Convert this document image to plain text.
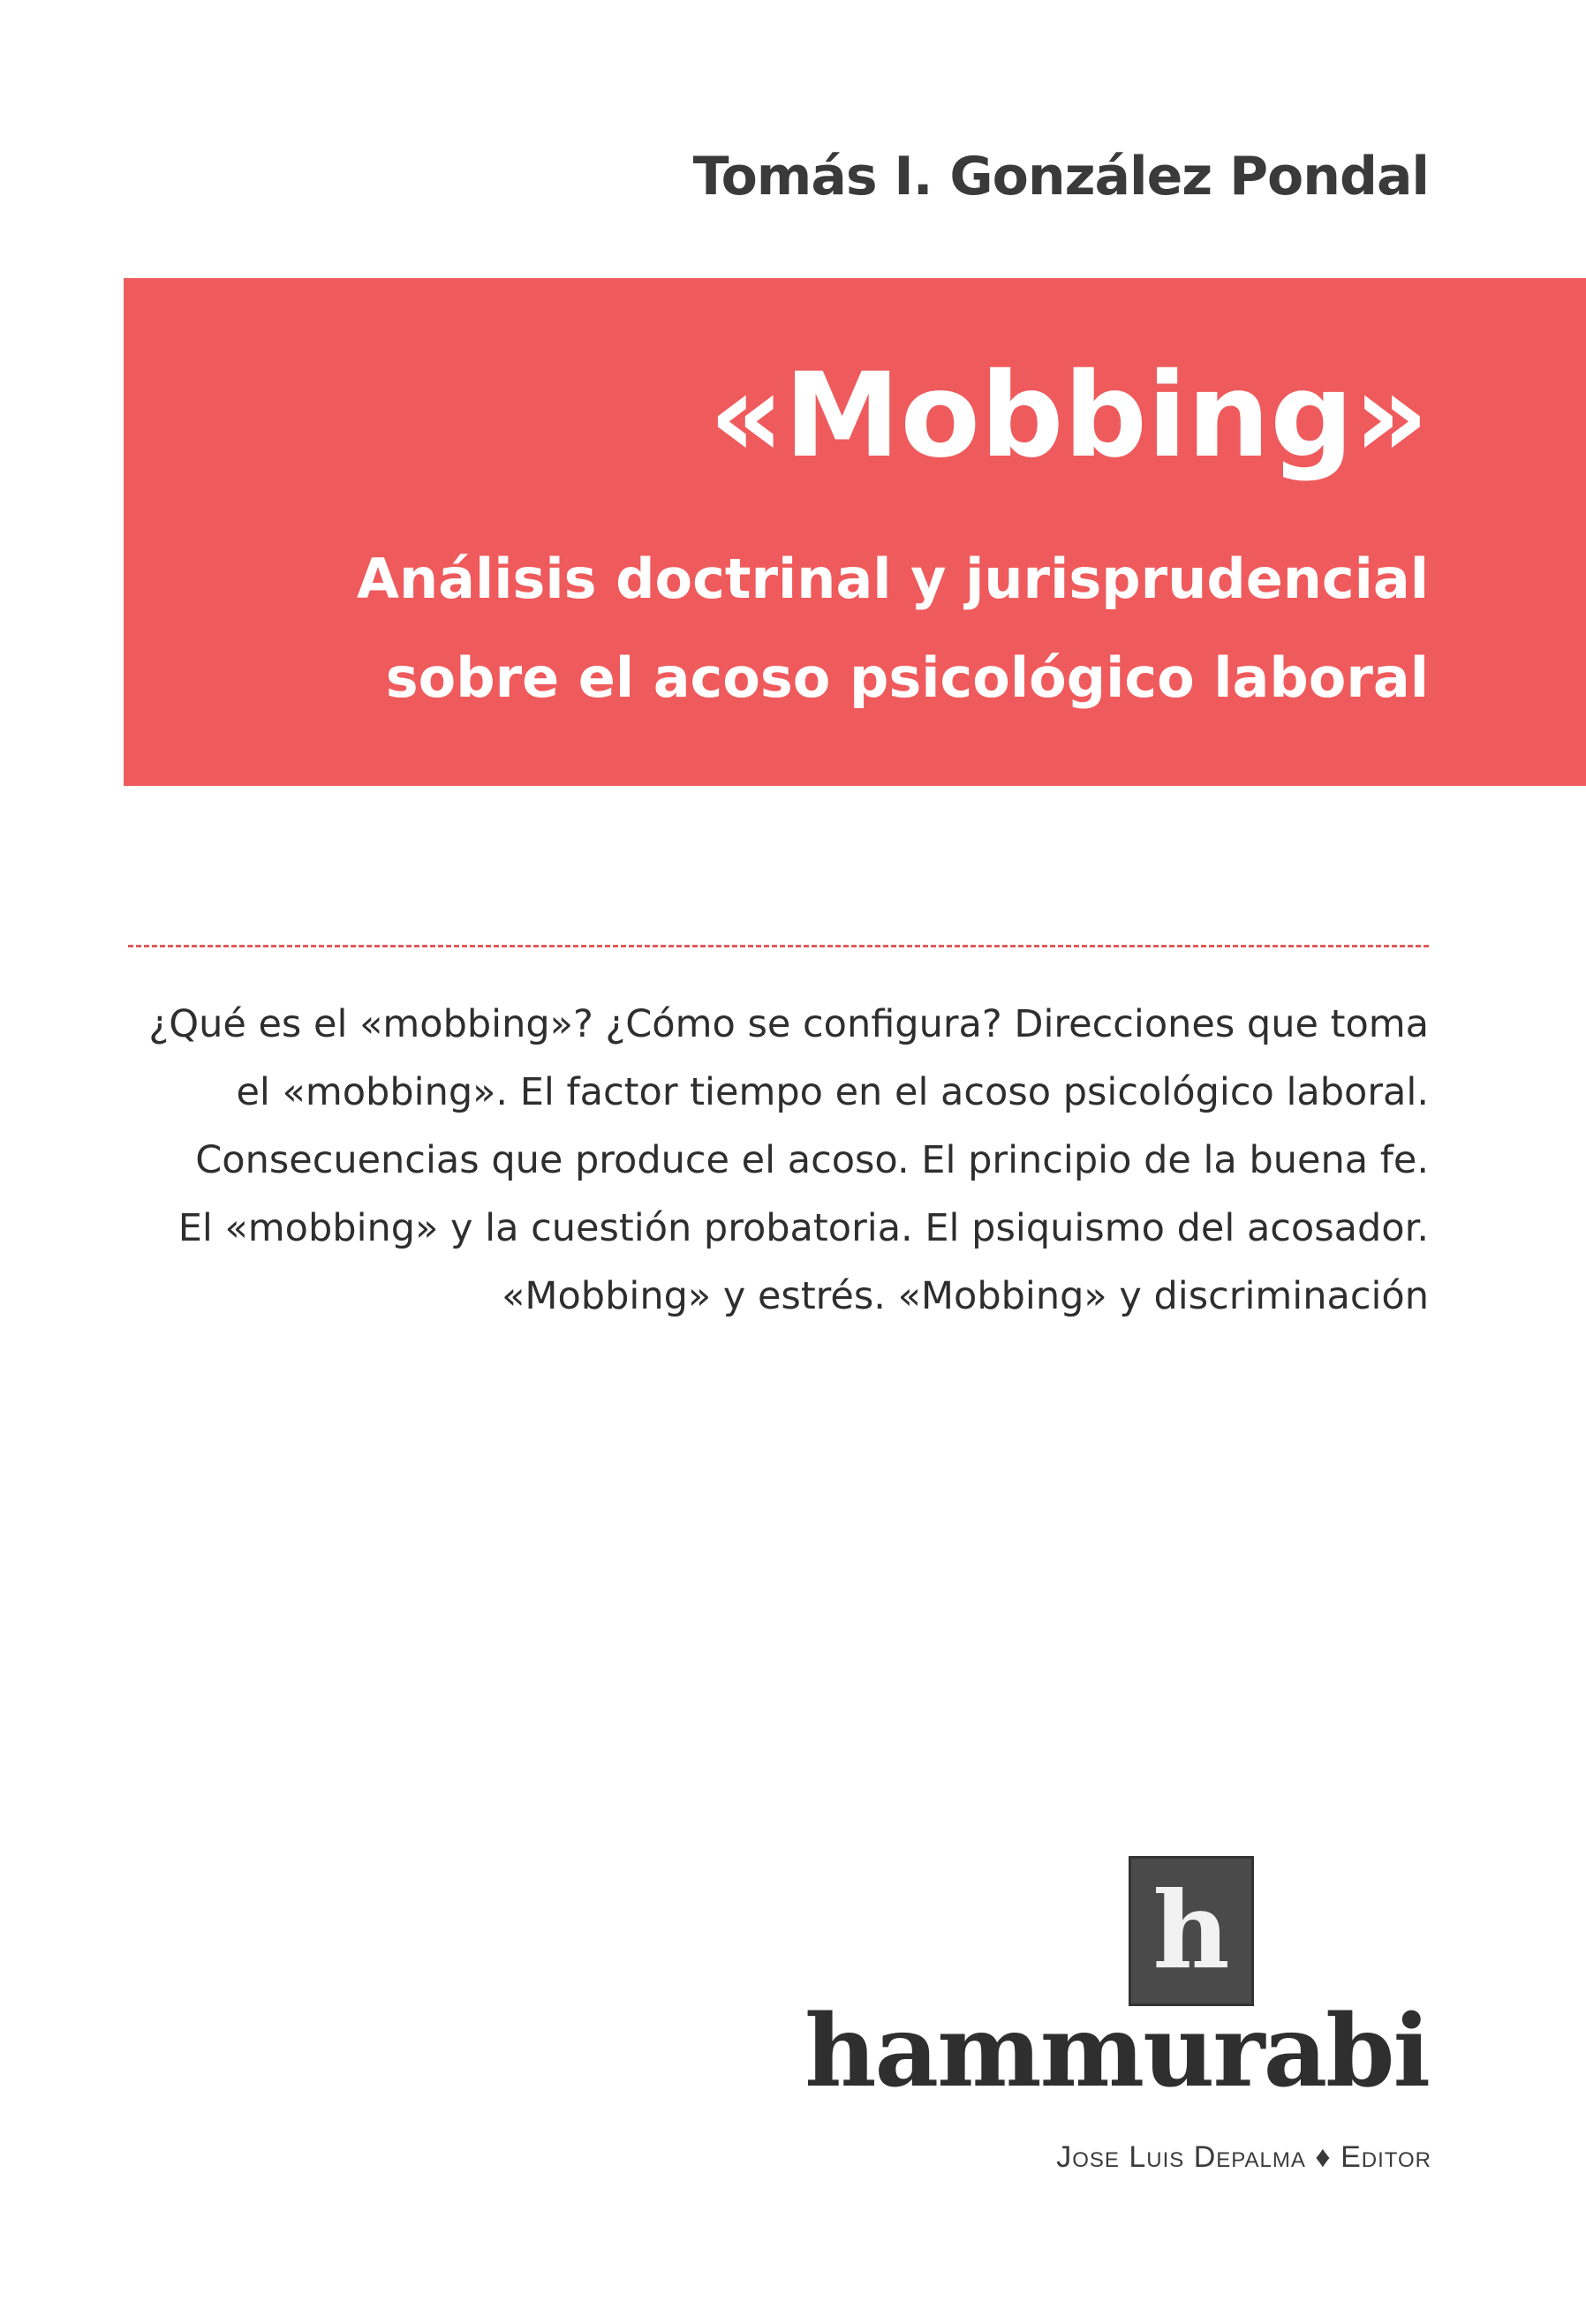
Tomás I. González Pondal
«Mobbing»
Análisis doctrinal y jurisprudencial
sobre el acoso psicológico laboral
¿Qué es el «mobbing»? ¿Cómo se configura? Direcciones que toma
el «mobbing». El factor tiempo en el acoso psicológico laboral.
Consecuencias que produce el acoso. El principio de la buena fe.
El «mobbing» y la cuestión probatoria. El psiquismo del acosador.
«Mobbing» y estrés. «Mobbing» y discriminación
h
hammurabi
Jose Luis Depalma ♦ Editor
